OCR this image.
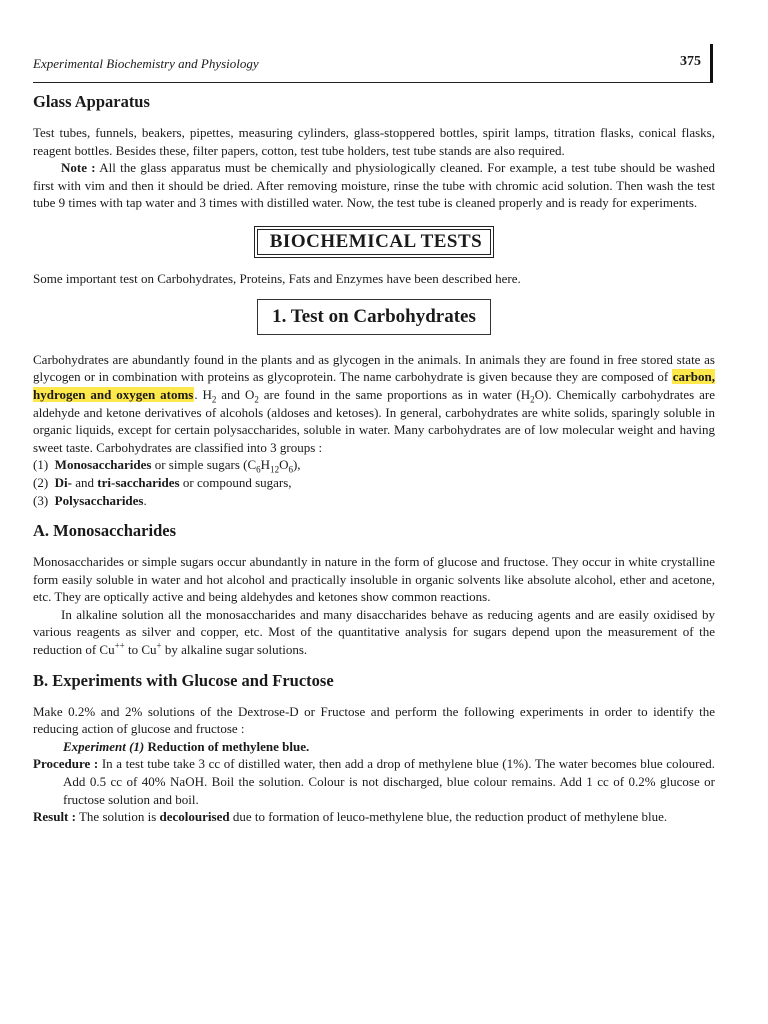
Experimental Biochemistry and Physiology	375
Glass Apparatus

Test tubes, funnels, beakers, pipettes, measuring cylinders, glass-stoppered bottles, spirit lamps, titration flasks, conical flasks, reagent bottles. Besides these, filter papers, cotton, test tube holders, test tube stands are also required.

Note : All the glass apparatus must be chemically and physiologically cleaned. For example, a test tube should be washed first with vim and then it should be dried. After removing moisture, rinse the tube with chromic acid solution. Then wash the test tube 9 times with tap water and 3 times with distilled water. Now, the test tube is cleaned properly and is ready for experiments.

BIOCHEMICAL TESTS

Some important test on Carbohydrates, Proteins, Fats and Enzymes have been described here.

1. Test on Carbohydrates

Carbohydrates are abundantly found in the plants and as glycogen in the animals. In animals they are found in free stored state as glycogen or in combination with proteins as glycoprotein. The name carbohydrate is given because they are composed of carbon, hydrogen and oxygen atoms. $H_2$ and $O_2$ are found in the same proportions as in water $(H_2O)$. Chemically carbohydrates are aldehyde and ketone derivatives of alcohols (aldoses and ketoses). In general, carbohydrates are white solids, sparingly soluble in organic liquids, except for certain polysaccharides, soluble in water. Many carbohydrates are of low molecular weight and having sweet taste. Carbohydrates are classified into 3 groups :

(1) Monosaccharides or simple sugars $(C_6H_{12}O_6)$,

(2) Di- and tri-saccharides or compound sugars,

(3) Polysaccharides.

A. Monosaccharides

Monosaccharides or simple sugars occur abundantly in nature in the form of glucose and fructose. They occur in white crystalline form easily soluble in water and hot alcohol and practically insoluble in organic solvents like absolute alcohol, ether and acetone, etc. They are optically active and being aldehydes and ketones show common reactions.

In alkaline solution all the monosaccharides and many disaccharides behave as reducing agents and are easily oxidised by various reagents as silver and copper, etc. Most of the quantitative analysis for sugars depend upon the measurement of the reduction of Cu++ to Cu+ by alkaline sugar solutions.

B. Experiments with Glucose and Fructose

Make 0.2% and 2% solutions of the Dextrose-D or Fructose and perform the following experiments in order to identify the reducing action of glucose and fructose :

Experiment (1) Reduction of methylene blue.

Procedure : In a test tube take 3 cc of distilled water, then add a drop of methylene blue (1%). The water becomes blue coloured. Add 0.5 cc of 40% NaOH. Boil the solution. Colour is not discharged, blue colour remains. Add 1 cc of 0.2% glucose or fructose solution and boil.

Result : The solution is decolourised due to formation of leuco-methylene blue, the reduction product of methylene blue.
